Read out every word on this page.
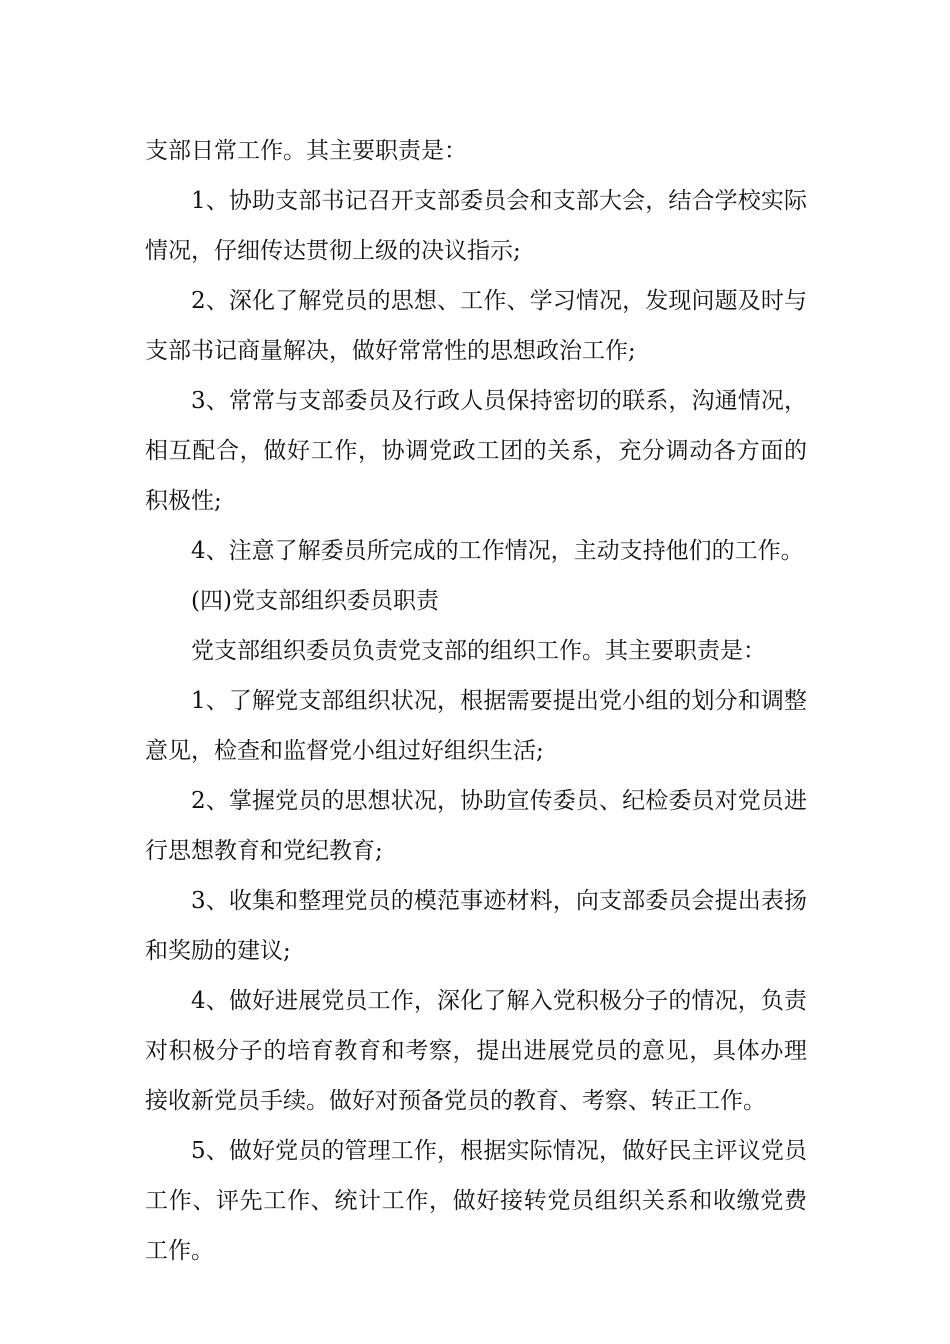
支部日常工作。其主要职责是：

1、协助支部书记召开支部委员会和支部大会，结合学校实际情况，仔细传达贯彻上级的决议指示;

2、深化了解党员的思想、工作、学习情况，发现问题及时与支部书记商量解决，做好常常性的思想政治工作;

3、常常与支部委员及行政人员保持密切的联系，沟通情况，相互配合，做好工作，协调党政工团的关系，充分调动各方面的积极性;

4、注意了解委员所完成的工作情况，主动支持他们的工作。

(四)党支部组织委员职责

党支部组织委员负责党支部的组织工作。其主要职责是：

1、了解党支部组织状况，根据需要提出党小组的划分和调整意见，检查和监督党小组过好组织生活;

2、掌握党员的思想状况，协助宣传委员、纪检委员对党员进行思想教育和党纪教育;

3、收集和整理党员的模范事迹材料，向支部委员会提出表扬和奖励的建议;

4、做好进展党员工作，深化了解入党积极分子的情况，负责对积极分子的培育教育和考察，提出进展党员的意见，具体办理接收新党员手续。做好对预备党员的教育、考察、转正工作。

5、做好党员的管理工作，根据实际情况，做好民主评议党员工作、评先工作、统计工作，做好接转党员组织关系和收缴党费工作。
